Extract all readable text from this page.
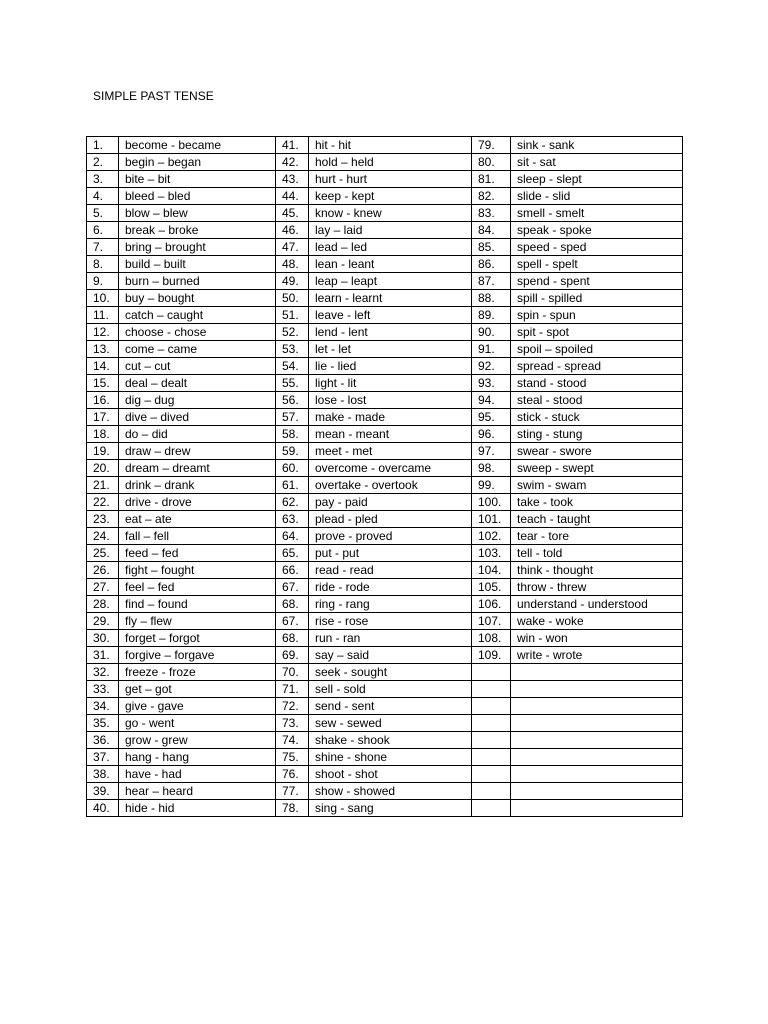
SIMPLE PAST TENSE
1.	become - became	41.	hit - hit	79.	sink - sank
2.	begin – began	42.	hold – held	80.	sit - sat
3.	bite – bit	43.	hurt - hurt	81.	sleep - slept
4.	bleed – bled	44.	keep - kept	82.	slide - slid
5.	blow – blew	45.	know - knew	83.	smell - smelt
6.	break – broke	46.	lay – laid	84.	speak - spoke
7.	bring – brought	47.	lead – led	85.	speed - sped
8.	build – built	48.	lean - leant	86.	spell - spelt
9.	burn – burned	49.	leap – leapt	87.	spend - spent
10.	buy – bought	50.	learn - learnt	88.	spill - spilled
11.	catch – caught	51.	leave - left	89.	spin - spun
12.	choose - chose	52.	lend - lent	90.	spit - spot
13.	come – came	53.	let - let	91.	spoil – spoiled
14.	cut – cut	54.	lie - lied	92.	spread - spread
15.	deal – dealt	55.	light - lit	93.	stand - stood
16.	dig – dug	56.	lose - lost	94.	steal - stood
17.	dive – dived	57.	make - made	95.	stick - stuck
18.	do – did	58.	mean - meant	96.	sting - stung
19.	draw – drew	59.	meet - met	97.	swear - swore
20.	dream – dreamt	60.	overcome - overcame	98.	sweep - swept
21.	drink – drank	61.	overtake - overtook	99.	swim - swam
22.	drive - drove	62.	pay - paid	100.	take - took
23.	eat – ate	63.	plead - pled	101.	teach - taught
24.	fall – fell	64.	prove - proved	102.	tear - tore
25.	feed – fed	65.	put - put	103.	tell - told
26.	fight – fought	66.	read - read	104.	think - thought
27.	feel – fed	67.	ride - rode	105.	throw - threw
28.	find – found	68.	ring - rang	106.	understand - understood
29.	fly – flew	67.	rise - rose	107.	wake - woke
30.	forget – forgot	68.	run - ran	108.	win - won
31.	forgive – forgave	69.	say – said	109.	write - wrote
32.	freeze - froze	70.	seek - sought		
33.	get – got	71.	sell - sold		
34.	give - gave	72.	send - sent		
35.	go - went	73.	sew - sewed		
36.	grow - grew	74.	shake - shook		
37.	hang - hang	75.	shine - shone		
38.	have - had	76.	shoot - shot		
39.	hear – heard	77.	show - showed		
40.	hide - hid	78.	sing - sang		
